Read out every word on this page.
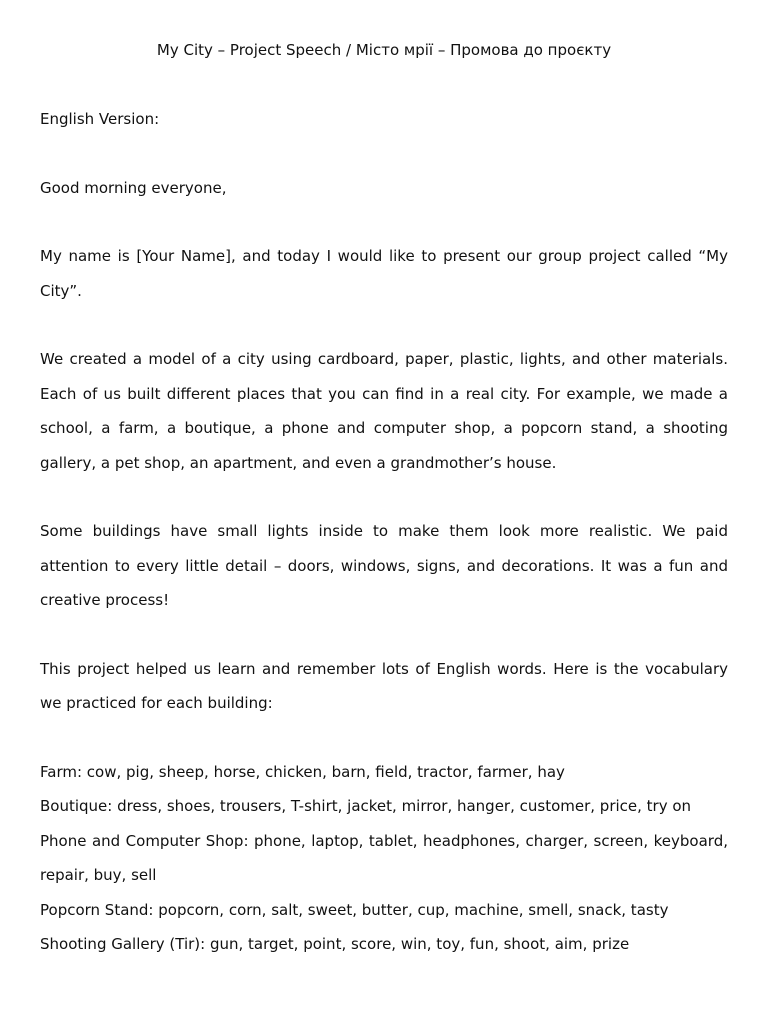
My City – Project Speech / Місто мрії – Промова до проєкту

English Version:

Good morning everyone,

My name is [Your Name], and today I would like to present our group project called “My City”.

We created a model of a city using cardboard, paper, plastic, lights, and other materials. Each of us built different places that you can find in a real city. For example, we made a school, a farm, a boutique, a phone and computer shop, a popcorn stand, a shooting gallery, a pet shop, an apartment, and even a grandmother’s house.

Some buildings have small lights inside to make them look more realistic. We paid attention to every little detail – doors, windows, signs, and decorations. It was a fun and creative process!

This project helped us learn and remember lots of English words. Here is the vocabulary we practiced for each building:

Farm: cow, pig, sheep, horse, chicken, barn, field, tractor, farmer, hay
Boutique: dress, shoes, trousers, T-shirt, jacket, mirror, hanger, customer, price, try on
Phone and Computer Shop: phone, laptop, tablet, headphones, charger, screen, keyboard, repair, buy, sell
Popcorn Stand: popcorn, corn, salt, sweet, butter, cup, machine, smell, snack, tasty
Shooting Gallery (Tir): gun, target, point, score, win, toy, fun, shoot, aim, prize
